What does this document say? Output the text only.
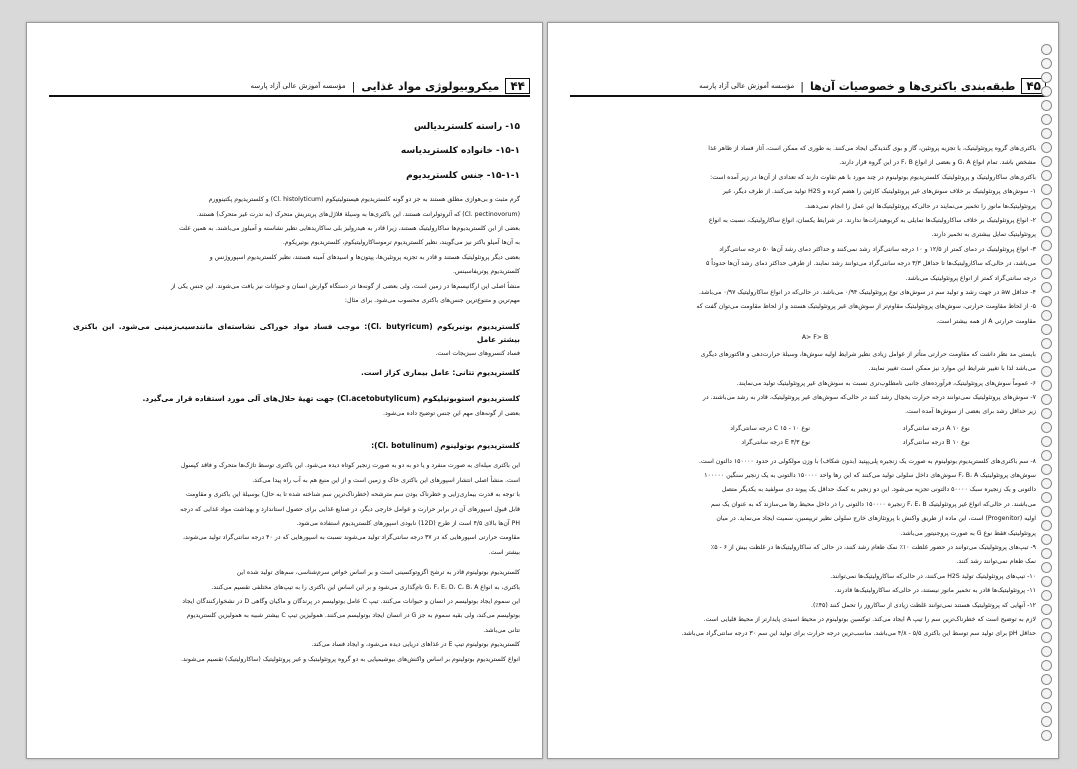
۴۴
میکروبیولوژی مواد غذایی
|
مؤسسه آموزش عالی آزاد پارسه
۱۵- راسته کلستریدیالس
۱۵-۱- خانواده کلستریدیاسه
۱۵-۱-۱- جنس کلستریدیوم
گرم مثبت و بی‌هوازی مطلق هستند به جز دو گونه کلستریدیوم هیستولیتیکوم (Cl. histolyticum) و کلستریدیوم پکتینوورم
(Cl. pectinovorum) که آئروتولرانت هستند. این باکتری‌ها به وسیلهٔ فلاژل‌های پریتریش متحرک (به ندرت غیر متحرک) هستند.
بعضی از این کلستریدیوم‌ها ساکارولیتیک هستند، زیرا قادر به هیدرولیز بلی ساکاریدهایی نظیر نشاسته و آمیلوز می‌باشند. به همین علت
به آن‌ها آمیلو باکتر نیز می‌گویند، نظیر کلستریدیوم ترموساکارولیتیکوم، کلستریدیوم بوتیریکوم.
بعضی دیگر پروتئولیتیک هستند و قادر به تجزیه پروتئین‌ها، پپتون‌ها و اسیدهای آمینه هستند، نظیر کلستریدیوم اسپوروژنس و
کلستریدیوم پوتریفاسینس.
منشأ اصلی این ارگانیسم‌ها در زمین است، ولی بعضی از گونه‌ها در دستگاه گوارش انسان و حیوانات نیز یافت می‌شوند. این جنس یکی از
مهم‌ترین و متنوع‌ترین جنس‌های باکتری محسوب می‌شود. برای مثال:
کلستریدیوم بوتیریکوم (Cl. butyricum): موجب فساد مواد خوراکی نشاسته‌ای مانندسیب‌زمینی می‌شود. این باکتری بیشتر عامل
فساد کنسروهای سبزیجات است.
کلستریدیوم تتانی: عامل بیماری کزاز است.
کلستریدیوم استوبوتیلیکوم (Cl.acetobutylicum) جهت تهیهٔ حلال‌های آلی مورد استفاده قرار می‌گیرد.
بعضی از گونه‌های مهم این جنس توضیح داده می‌شود.
کلستریدیوم بوتولینوم (Cl. botulinum):
این باکتری میله‌ای به صورت منفرد و یا دو به دو به صورت زنجیر کوتاه دیده می‌شود. این باکتری توسط تاژک‌ها متحرک و فاقد کپسول
است. منشأ اصلی انتشار اسپورهای این باکتری خاک و زمین است و از این منبع هم به آب راه پیدا می‌کند.
با توجه به قدرت بیماری‌زایی و خطرناک بودن سم مترشحه (خطرناک‌ترین سم شناخته شده تا به حال) بوسیلهٔ این باکتری و مقاومت
قابل قبول اسپورهای آن در برابر حرارت و عوامل خارجی دیگر، در صنایع غذایی برای حصول استاندارد و بهداشت مواد غذایی که درجه
PH آن‌ها بالای ۴/۵ است از طرح (12D) نابودی اسپورهای کلستریدیوم استفاده می‌شود.
مقاومت حرارتی اسپورهایی که در ۳۷ درجه سانتی‌گراد تولید می‌شوند نسبت به اسپورهایی که در ۴۰ درجه سانتی‌گراد تولید می‌شوند،
بیشتر است.
کلستریدیوم بوتولینوم قادر به ترشح اگزوتوکسینی است و بر اساس خواص سرم‌شناسی، سم‌های تولید شده این
باکتری، به انواع G، F، E، D، C، B، A نام‌گذاری می‌شود و بر این اساس این باکتری را به تیپ‌های مختلفی تقسیم می‌کنند.
این سموم ایجاد بوتولیسم در انسان و حیوانات می‌کنند. تیپ C عامل بوتولیسم در پرندگان و ماکیان وگاهی D در نشخوارکنندگان ایجاد
بوتولیسم می‌کند، ولی بقیه سموم به جز G در انسان ایجاد بوتولیسم می‌کنند. همولیزین تیپ C بیشتر شبیه به همولیزین کلستریدیوم
تتانی می‌باشد.
کلستریدیوم بوتولینوم تیپ E در غذاهای دریایی دیده می‌شود، و ایجاد فساد می‌کند.
انواع کلستریدیوم بوتولینوم بر اساس واکنش‌های بیوشیمیایی به دو گروه پروتئولیتیک و غیر پروتئولیتیک (ساکارولیتیک) تقسیم می‌شوند.
۴۵
طبقه‌بندی باکتری‌ها و خصوصیات آن‌ها
|
مؤسسه آموزش عالی آزاد پارسه
باکتری‌های گروه پروتئولیتیک، با تجزیه پروتئین، گاز و بوی گندیدگی ایجاد می‌کنند. به طوری که ممکن است، آثار فساد از ظاهر غذا
مشخص باشد. تمام انواع G، A و بعضی از انواع F، B در این گروه قرار دارند.
باکتری‌های ساکارولیتیک و پروتئولیتیک کلستریدیوم بوتولینوم در چند مورد با هم تفاوت دارند که تعدادی از آن‌ها در زیر آمده است:
۱- سوش‌های پروتئولیتیک بر خلاف سوش‌های غیر پروتئولیتیک کازئین را هضم کرده و H2S تولید می‌کنند. از طرف دیگر، غیر
پروتئولیتیک‌ها مانوز را تخمیر می‌نمایند در حالی‌که پروتئولیتیک‌ها این عمل را انجام نمی‌دهند.
۲- انواع پروتئولیتیک بر خلاف ساکارولیتیک‌ها تمایلی به کربوهیدرات‌ها ندارند. در شرایط یکسان، انواع ساکارولیتیک، نسبت به انواع
پروتئولیتیک تمایل بیشتری به تخمیر دارند.
۳- انواع پروتئولیتیک در دمای کمتر از ۱۲/۵ و ۱۰ درجه سانتی‌گراد رشد نمی‌کنند و حداکثر دمای رشد آن‌ها ۵۰ درجه سانتی‌گراد
می‌باشد، در حالی‌که ساکارولیتیک‌ها تا حداقل ۳/۳ درجه سانتی‌گراد می‌توانند رشد نمایند. از طرفی حداکثر دمای رشد آن‌ها حدوداً ۵
درجه سانتی‌گراد کمتر از انواع پروتئولیتیک می‌باشد.
۴- حداقل aw در جهت رشد و تولید سم در سوش‌های نوع پروتئولیتیک ۰/۹۴ می‌باشد. در حالی‌که در انواع ساکارولیتیک ۰/۹۷ می‌باشد.
۵- از لحاظ مقاومت حرارتی، سوش‌های پروتئولیتیک مقاوم‌تر از سوش‌های غیر پروتئولیتیک هستند و از لحاظ مقاومت می‌توان گفت که
مقاومت حرارتی A از همه بیشتر است.
A> F> B
بایستی مد نظر داشت که مقاومت حرارتی متأثر از عوامل زیادی نظیر شرایط اولیه سوش‌ها، وسیلهٔ حرارت‌دهی و فاکتورهای دیگری
می‌باشد لذا با تغییر شرایط این موارد نیز ممکن است تغییر نمایند.
۶- عموماً سوش‌های پروتئولیتیک، فرآورده‌های جانبی نامطلوب‌تری نسبت به سوش‌های غیر پروتئولیتیک تولید می‌نمایند.
۷- سوش‌های پروتئولیتیک نمی‌توانند درجه حرارت یخچال رشد کنند در حالی‌که سوش‌های غیر پروتئولیتیک، قادر به رشد می‌باشند. در
زیر حداقل رشد برای بعضی از سوش‌ها آمده است.
نوع A ۱۰ درجه سانتی‌گراد
نوع C ۱۵ - ۱۰ درجه سانتی‌گراد
نوع B ۱۰ درجه سانتی‌گراد
نوع E ۳/۳ درجه سانتی‌گراد
۸- سم باکتری‌های کلستریدیوم بوتولینوم به صورت یک زنجیره پلی‌پپتید (بدون شکاف) با وزن مولکولی در حدود ۱۵۰۰۰۰ دالتون است.
سوش‌های پروتئولیتیک F، B، A سوش‌های داخل سلولی تولید می‌کنند که این رها واحد ۱۵۰۰۰۰ دالتونی به یک زنجیر سنگین ۱۰۰۰۰۰
دالتونی و یک زنجیره سبک ۵۰۰۰۰ دالتونی تجزیه می‌شود. این دو زنجیر به کمک حداقل یک پیوند دی سولفید به یکدیگر متصل
می‌باشند. در حالی‌که انواع غیر پروتئولیتیک F، E، B زنجیره ۱۵۰۰۰۰ دالتونی را در داخل محیط رها می‌سازند که به عنوان یک سم
اولیه (Progenitor) است، این ماده از طریق واکنش با پروتئازهای خارج سلولی نظیر تریپسین، سمیت ایجاد می‌نماید. در میان
پروتئولیتیک فقط نوع G به صورت پروجنیتور می‌باشد.
۹- تیپ‌های پروتئولیتیک می‌توانند در حضور غلظت ۱۰٪ نمک طعام رشد کنند، در حالی که ساکارولیتیک‌ها در غلظت بیش از ۶ - ۵٪
نمک طعام نمی‌توانند رشد کنند.
۱۰- تیپ‌های پروتئولیتیک تولید H2S می‌کنند، در حالی‌که ساکارولیتیک‌ها نمی‌توانند.
۱۱- پروتئولیتیک‌ها قادر به تخمیر مانوز نیستند، در حالی‌که ساکارولیتیک‌ها قادرند.
۱۲- آنهایی که پروتئولیتیک هستند نمی‌توانند غلظت زیادی از ساکاروز را تحمل کنند (۴۵٪).
لازم به توضیح است که خطرناک‌ترین سم را تیپ A ایجاد می‌کند. توکسین بوتولینوم در محیط اسیدی پایدارتر از محیط قلیایی است.
حداقل pH برای تولید سم توسط این باکتری ۵/۵ - ۴/۸ می‌باشد. مناسب‌ترین درجه حرارت برای تولید این سم ۳۰ درجه سانتی‌گراد می‌باشد.
